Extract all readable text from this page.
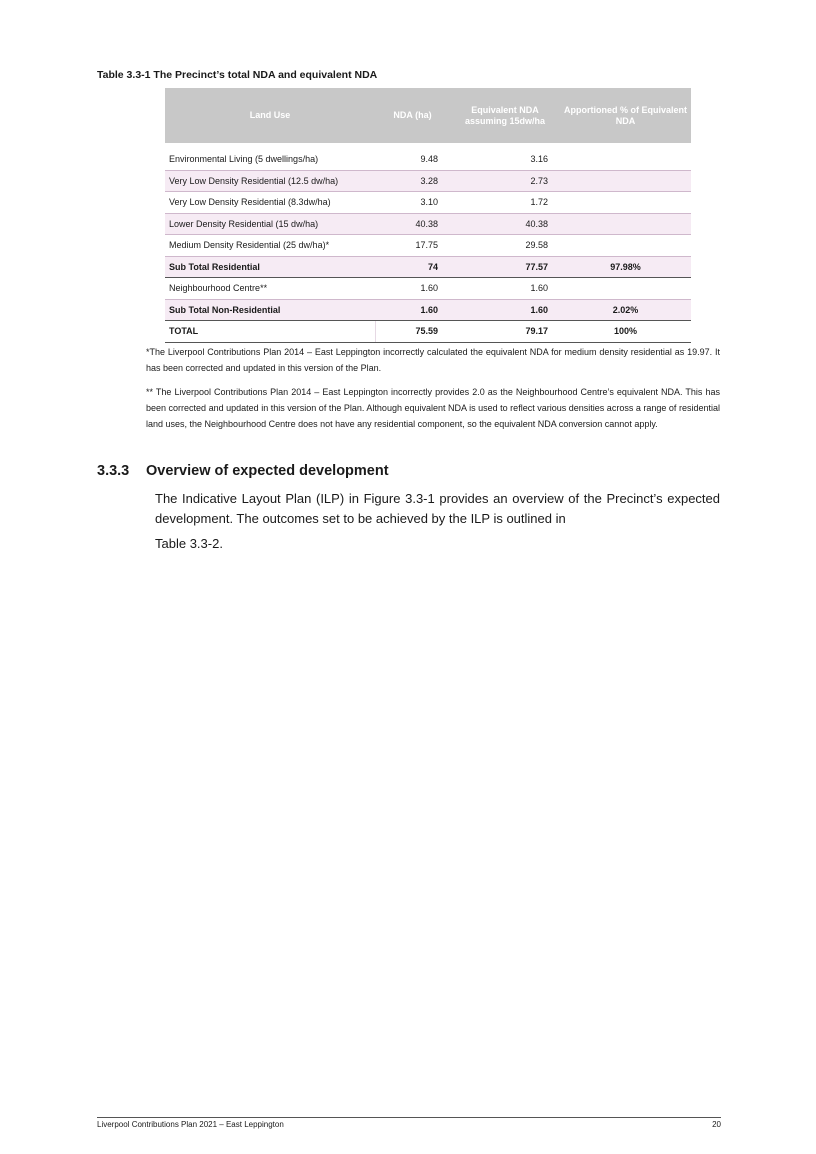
Table 3.3-1 The Precinct’s total NDA and equivalent NDA
Land Use	NDA (ha)	Equivalent NDA assuming 15dw/ha	Apportioned % of Equivalent NDA

Environmental Living (5 dwellings/ha)	9.48	3.16	
Very Low Density Residential (12.5 dw/ha)	3.28	2.73	
Very Low Density Residential (8.3dw/ha)	3.10	1.72	
Lower Density Residential (15 dw/ha)	40.38	40.38	
Medium Density Residential (25 dw/ha)*	17.75	29.58	
Sub Total Residential	74	77.57	97.98%
Neighbourhood Centre**	1.60	1.60	
Sub Total Non-Residential	1.60	1.60	2.02%
TOTAL	75.59	79.17	100%
*The Liverpool Contributions Plan 2014 – East Leppington incorrectly calculated the equivalent NDA for medium density residential as 19.97. It has been corrected and updated in this version of the Plan.
** The Liverpool Contributions Plan 2014 – East Leppington incorrectly provides 2.0 as the Neighbourhood Centre’s equivalent NDA. This has been corrected and updated in this version of the Plan. Although equivalent NDA is used to reflect various densities across a range of residential land uses, the Neighbourhood Centre does not have any residential component, so the equivalent NDA conversion cannot apply.
3.3.3 Overview of expected development
The Indicative Layout Plan (ILP) in Figure 3.3-1 provides an overview of the Precinct’s expected development. The outcomes set to be achieved by the ILP is outlined in
Table 3.3-2.
Liverpool Contributions Plan 2021 – East Leppington	20
